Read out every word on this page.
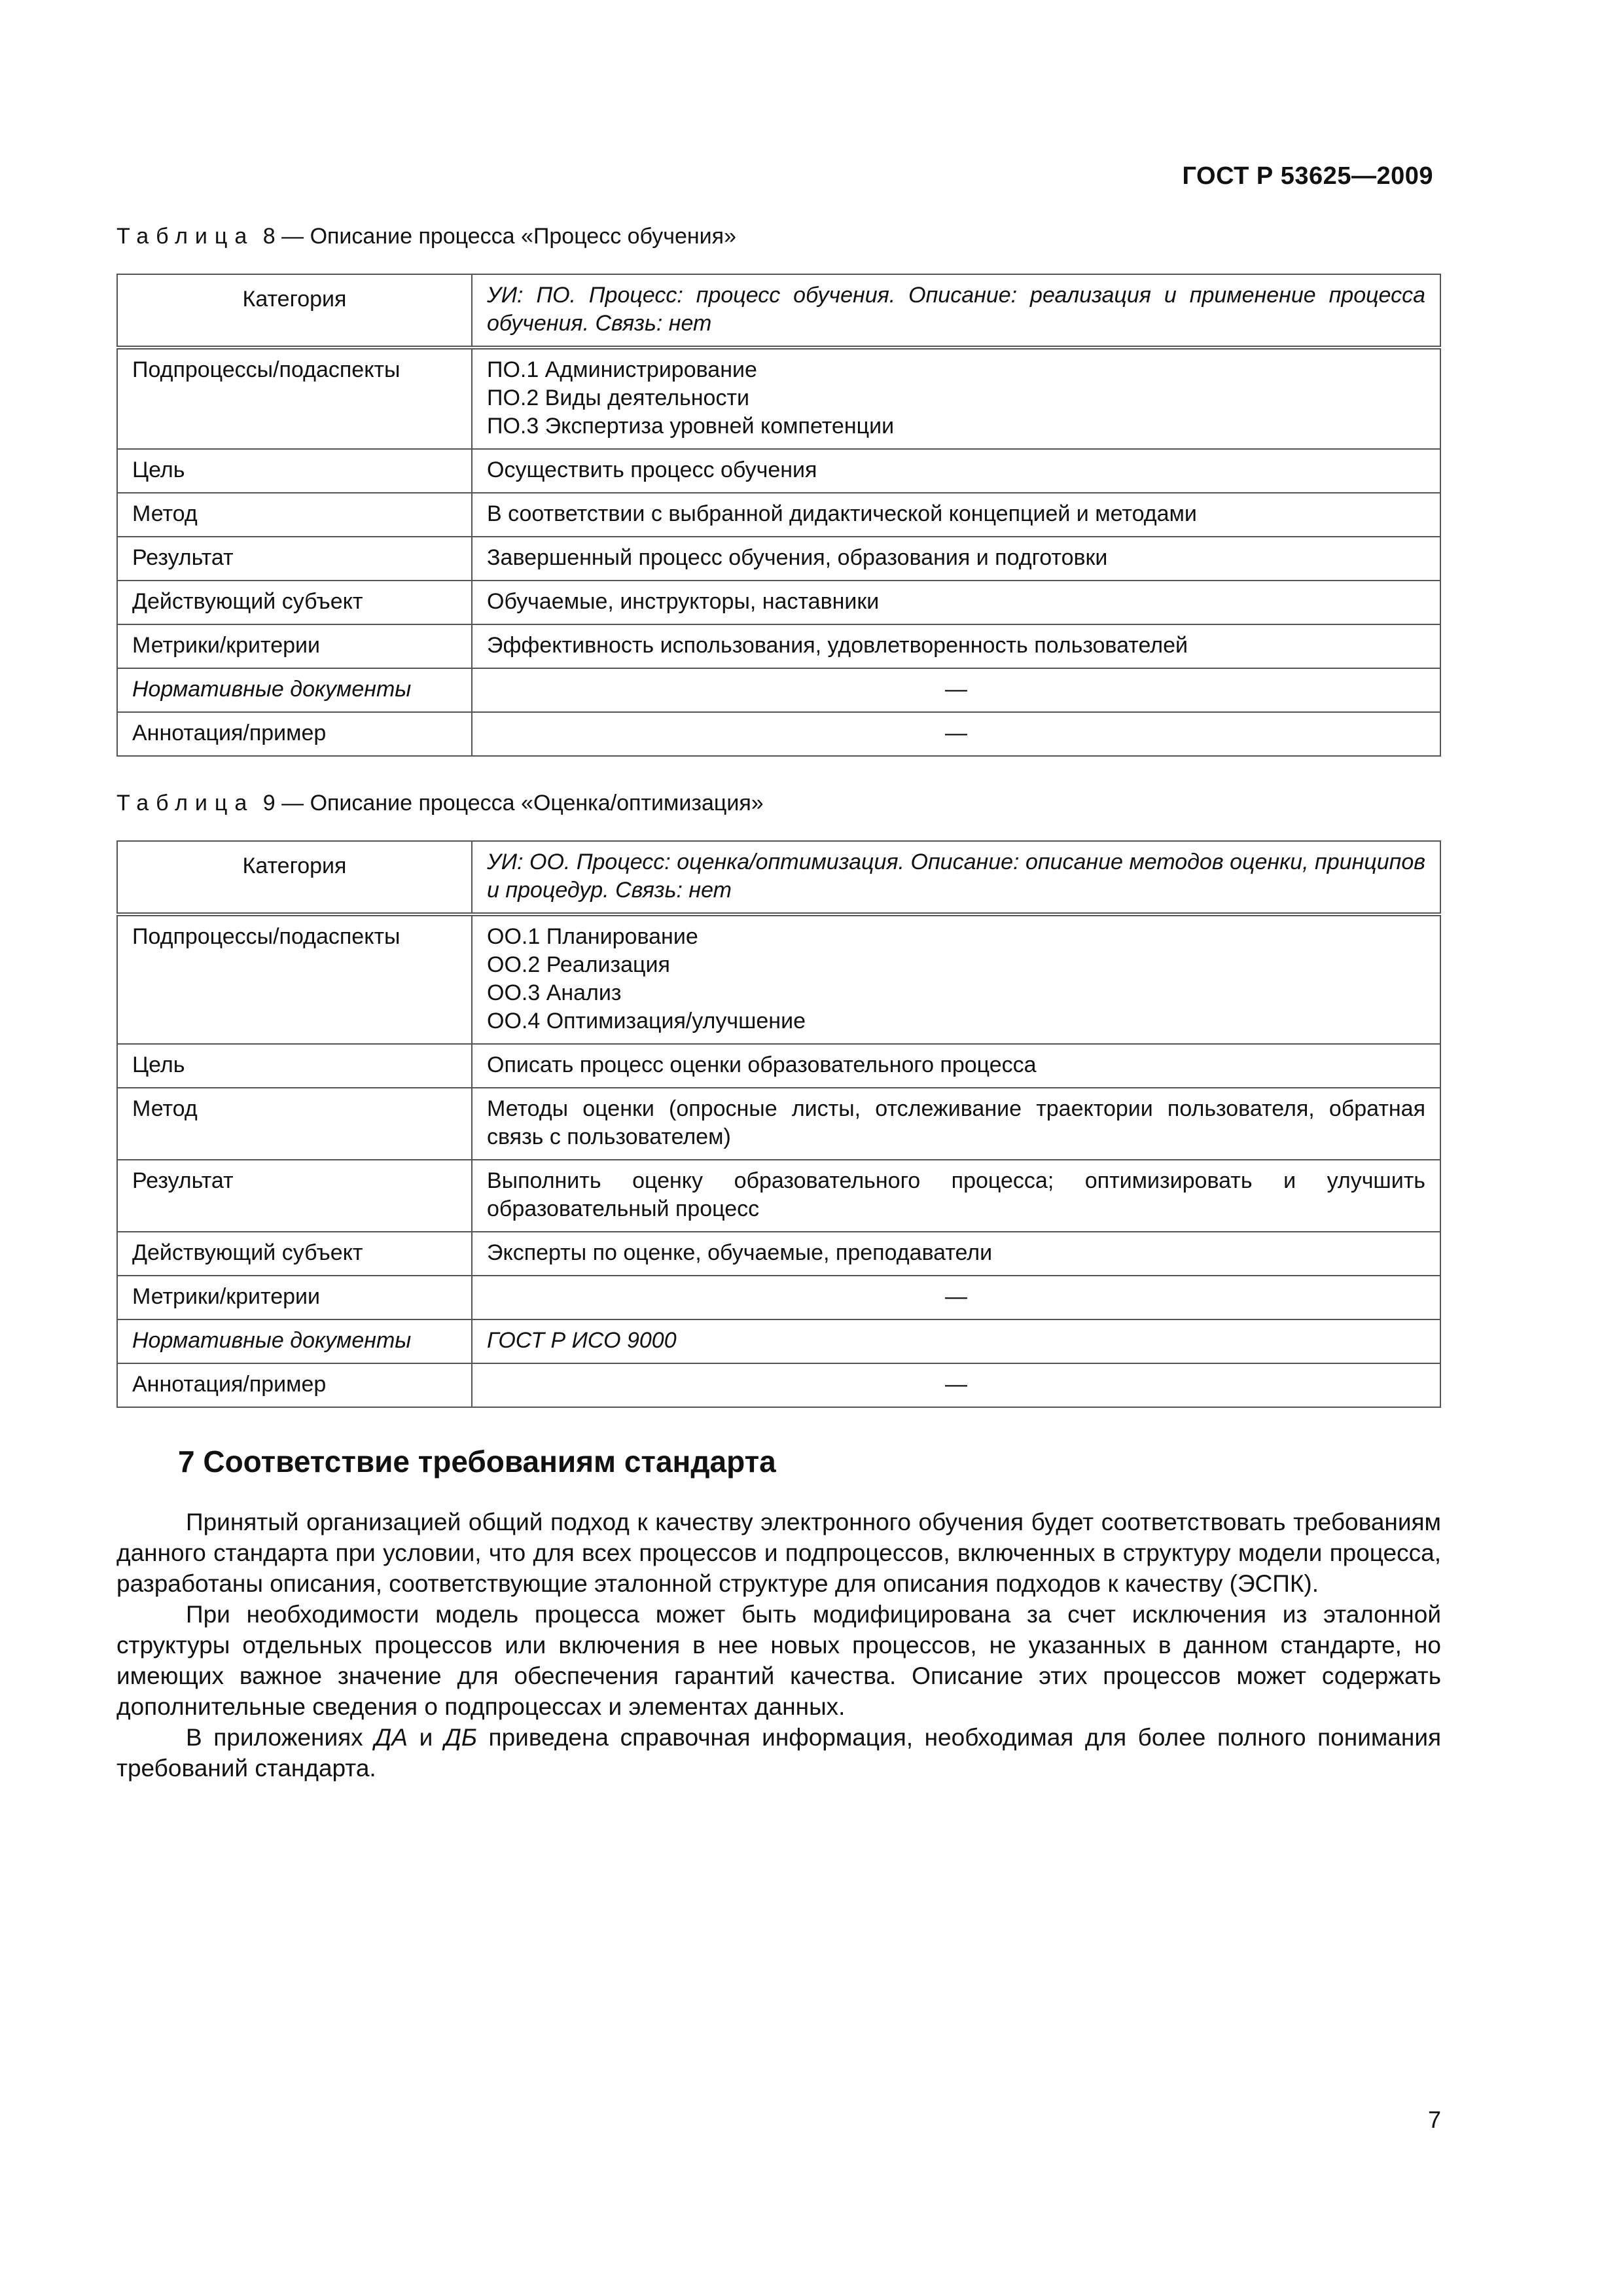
ГОСТ Р 53625—2009
Таблица 8 — Описание процесса «Процесс обучения»
Категория	УИ: ПО. Процесс: процесс обучения. Описание: реализация и применение процесса обучения. Связь: нет
Подпроцессы/подаспекты	ПО.1 Администрирование
ПО.2 Виды деятельности
ПО.3 Экспертиза уровней компетенции

Цель	Осуществить процесс обучения
Метод	В соответствии с выбранной дидактической концепцией и методами
Результат	Завершенный процесс обучения, образования и подготовки
Действующий субъект	Обучаемые, инструкторы, наставники
Метрики/критерии	Эффективность использования, удовлетворенность пользователей
Нормативные документы	—
Аннотация/пример	—
Таблица 9 — Описание процесса «Оценка/оптимизация»
Категория	УИ: ОО. Процесс: оценка/оптимизация. Описание: описание методов оценки, принципов и процедур. Связь: нет
Подпроцессы/подаспекты	ОО.1 Планирование
ОО.2 Реализация
ОО.3 Анализ
ОО.4 Оптимизация/улучшение

Цель	Описать процесс оценки образовательного процесса
Метод	Методы оценки (опросные листы, отслеживание траектории пользователя, обратная связь с пользователем)
Результат	Выполнить оценку образовательного процесса; оптимизировать и улучшить образовательный процесс
Действующий субъект	Эксперты по оценке, обучаемые, преподаватели
Метрики/критерии	—
Нормативные документы	ГОСТ Р ИСО 9000
Аннотация/пример	—
7 Соответствие требованиям стандарта

Принятый организацией общий подход к качеству электронного обучения будет соответствовать требованиям данного стандарта при условии, что для всех процессов и подпроцессов, включенных в структуру модели процесса, разработаны описания, соответствующие эталонной структуре для описания подходов к качеству (ЭСПК).

При необходимости модель процесса может быть модифицирована за счет исключения из эталонной структуры отдельных процессов или включения в нее новых процессов, не указанных в данном стандарте, но имеющих важное значение для обеспечения гарантий качества. Описание этих процессов может содержать дополнительные сведения о подпроцессах и элементах данных.

В приложениях ДА и ДБ приведена справочная информация, необходимая для более полного понимания требований стандарта.

7
